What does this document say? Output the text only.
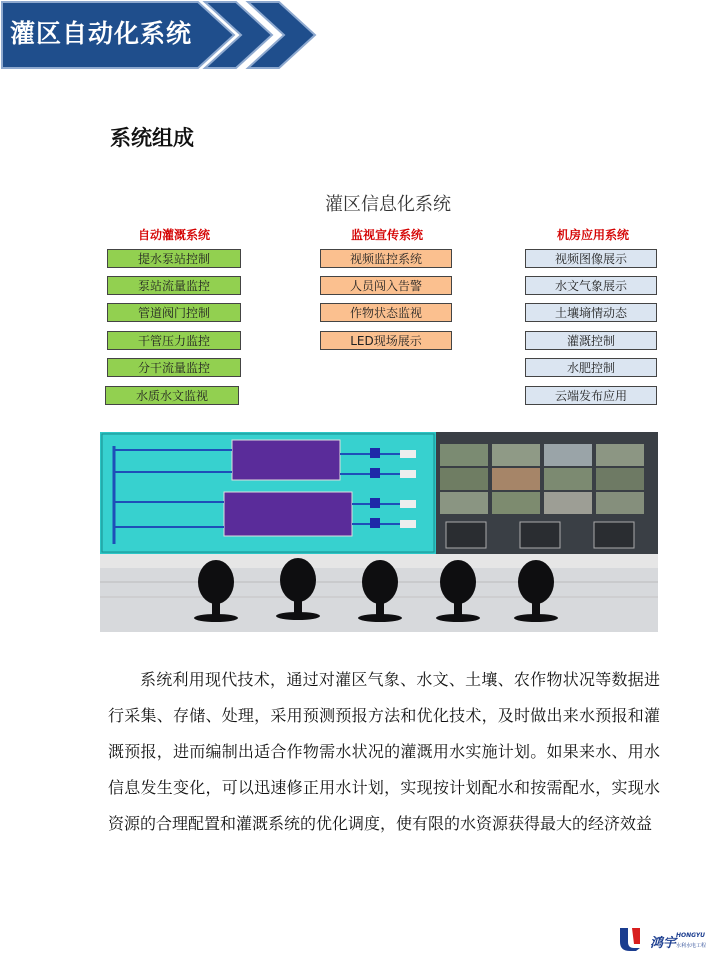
灌区自动化系统
系统组成
灌区信息化系统
自动灌溉系统	监视宣传系统	机房应用系统
提水泵站控制
泵站流量监控
管道阀门控制
干管压力监控
分干流量监控
水质水文监视
视频监控系统
人员闯入告警
作物状态监视
LED现场展示
视频图像展示
水文气象展示
土壤墒情动态
灌溉控制
水肥控制
云端发布应用
系统利用现代技术，通过对灌区气象、水文、土壤、农作物状况等数据进行采集、存储、处理，采用预测预报方法和优化技术，及时做出来水预报和灌溉预报，进而编制出适合作物需水状况的灌溉用水实施计划。如果来水、用水信息发生变化，可以迅速修正用水计划，实现按计划配水和按需配水，实现水资源的合理配置和灌溉系统的优化调度，使有限的水资源获得最大的经济效益
鸿宇
HONGYU
水利水电工程
